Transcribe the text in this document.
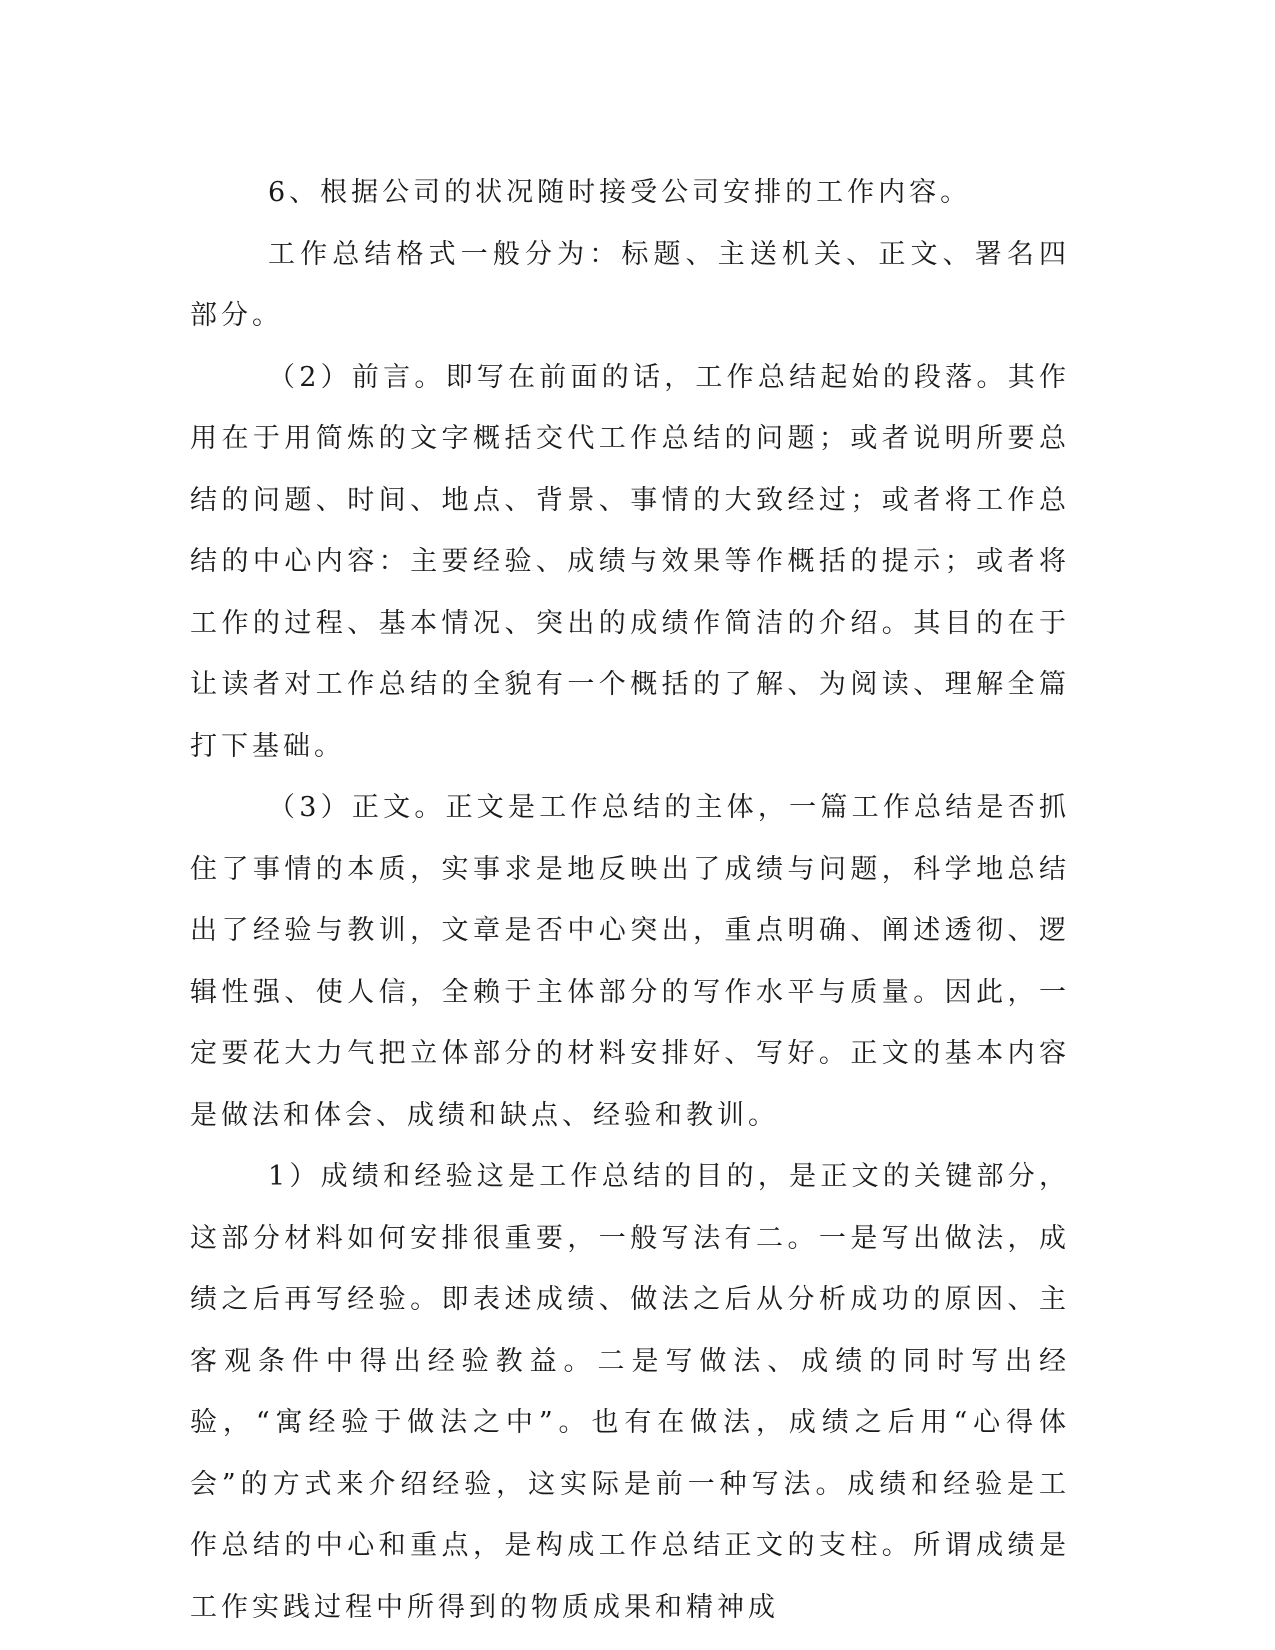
6、根据公司的状况随时接受公司安排的工作内容。

工作总结格式一般分为：标题、主送机关、正文、署名四部分。

（2）前言。即写在前面的话，工作总结起始的段落。其作用在于用简炼的文字概括交代工作总结的问题；或者说明所要总结的问题、时间、地点、背景、事情的大致经过；或者将工作总结的中心内容：主要经验、成绩与效果等作概括的提示；或者将工作的过程、基本情况、突出的成绩作简洁的介绍。其目的在于让读者对工作总结的全貌有一个概括的了解、为阅读、理解全篇打下基础。

（3）正文。正文是工作总结的主体，一篇工作总结是否抓住了事情的本质，实事求是地反映出了成绩与问题，科学地总结出了经验与教训，文章是否中心突出，重点明确、阐述透彻、逻辑性强、使人信，全赖于主体部分的写作水平与质量。因此，一定要花大力气把立体部分的材料安排好、写好。正文的基本内容是做法和体会、成绩和缺点、经验和教训。

1）成绩和经验这是工作总结的目的，是正文的关键部分，这部分材料如何安排很重要，一般写法有二。一是写出做法，成绩之后再写经验。即表述成绩、做法之后从分析成功的原因、主客观条件中得出经验教益。二是写做法、成绩的同时写出经验，“寓经验于做法之中”。也有在做法，成绩之后用“心得体会”的方式来介绍经验，这实际是前一种写法。成绩和经验是工作总结的中心和重点，是构成工作总结正文的支柱。所谓成绩是工作实践过程中所得到的物质成果和精神成
